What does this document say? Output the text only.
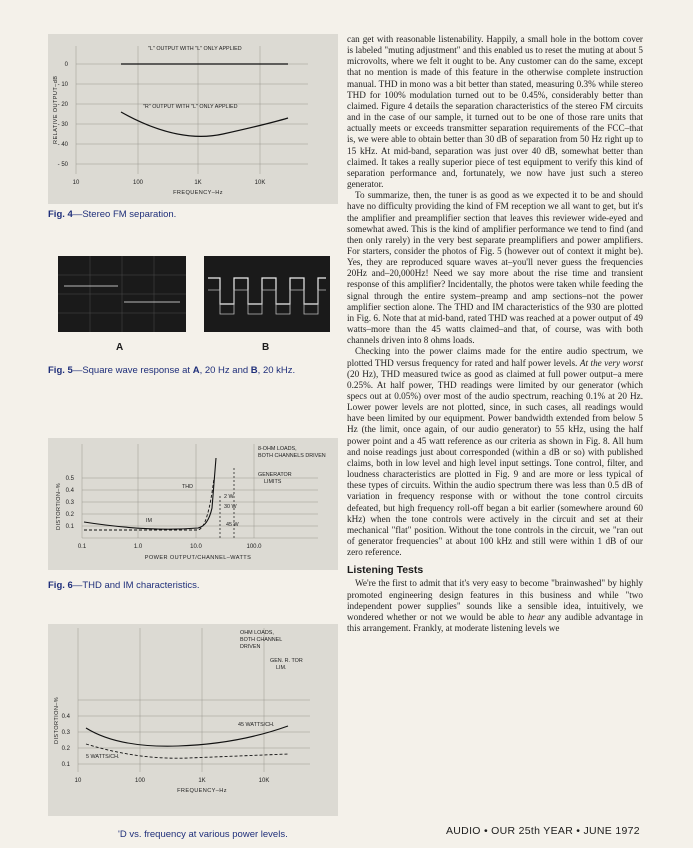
"L" OUTPUT WITH "L" ONLY APPLIED
"R" OUTPUT WITH "L" ONLY APPLIED
0
- 10
- 20
- 30
- 40
- 50
10	100	1K	10K
FREQUENCY–Hz
RELATIVE OUTPUT–dB
Fig. 4—Stereo FM separation.
A	B
Fig. 5—Square wave response at A, 20 Hz and B, 20 kHz.
8-OHM LOADS,
BOTH CHANNELS DRIVEN
GENERATOR
LIMITS
THD
IM
2 W
30 W
45 W
0.5
0.4
0.3
0.2
0.1
0.1	1.0	10.0	100.0
POWER OUTPUT/CHANNEL–WATTS
DISTORTION–%
Fig. 6—THD and IM characteristics.
OHM LOADS,
BOTH CHANNEL
DRIVEN
GEN. R. TOR
LIM.
45 WATTS/CH.
5 WATTS/CH.
0.4
0.3
0.2
0.1
10	100	1K	10K
FREQUENCY–Hz
DISTORTION–%
'D vs. frequency at various power levels.

can get with reasonable listenability. Happily, a small hole in the bottom cover is labeled "muting adjustment" and this enabled us to reset the muting at about 5 microvolts, where we felt it ought to be. Any customer can do the same, except that no mention is made of this feature in the otherwise complete instruction manual. THD in mono was a bit better than stated, measuring 0.3% while stereo THD for 100% modulation turned out to be 0.45%, considerably better than claimed. Figure 4 details the separation characteristics of the stereo FM circuits and in the case of our sample, it turned out to be one of those rare units that actually meets or exceeds transmitter separation requirements of the FCC–that is, we were able to obtain better than 30 dB of separation from 50 Hz right up to 15 kHz. At mid-band, separation was just over 40 dB, somewhat better than claimed. It takes a really superior piece of test equipment to verify this kind of separation performance and, fortunately, we now have just such a stereo generator.

To summarize, then, the tuner is as good as we expected it to be and should have no difficulty providing the kind of FM reception we all want to get, but it's the amplifier and preamplifier section that leaves this reviewer wide-eyed and somewhat awed. This is the kind of amplifier performance we tend to find (and then only rarely) in the very best separate preamplifiers and power amplifiers. For starters, consider the photos of Fig. 5 (however out of context it might be). Yes, they are reproduced square waves at–you'll never guess the frequencies 20Hz and–20,000Hz! Need we say more about the rise time and transient response of this amplifier? Incidentally, the photos were taken while feeding the signal through the entire system–preamp and amp sections–not the power amplifier section alone. The THD and IM characteristics of the 930 are plotted in Fig. 6. Note that at mid-band, rated THD was reached at a power output of 49 watts–more than the 45 watts claimed–and that, of course, was with both channels driven into 8 ohms loads.

Checking into the power claims made for the entire audio spectrum, we plotted THD versus frequency for rated and half power levels. At the very worst (20 Hz), THD measured twice as good as claimed at full power output–a mere 0.25%. At half power, THD readings were limited by our generator (which specs out at 0.05%) over most of the audio spectrum, reaching 0.1% at 20 Hz. Lower power levels are not plotted, since, in such cases, all readings would have been limited by our equipment. Power bandwidth extended from below 5 Hz (the limit, once again, of our audio generator) to 55 kHz, using the half power point and a 45 watt reference as our criteria as shown in Fig. 8. All hum and noise readings just about corresponded (within a dB or so) with published claims, both in low level and high level input settings. Tone control, filter, and loudness characteristics are plotted in Fig. 9 and are more or less typical of these types of circuits. Within the audio spectrum there was less than 0.5 dB of variation in frequency response with or without the tone control circuits defeated, but high frequency roll-off began a bit earlier (somewhere around 60 kHz) when the tone controls were actively in the circuit and set at their mechanical "flat" position. Without the tone controls in the circuit, we "ran out of generator frequencies" at about 100 kHz and still were within 1 dB of our zero reference.

Listening Tests

We're the first to admit that it's very easy to become "brainwashed" by highly promoted engineering design features in this business and while "two independent power supplies" sounds like a sensible idea, intuitively, we wondered whether or not we would be able to hear any audible advantage in this arrangement. Frankly, at moderate listening levels we

AUDIO • OUR 25th YEAR • JUNE 1972
